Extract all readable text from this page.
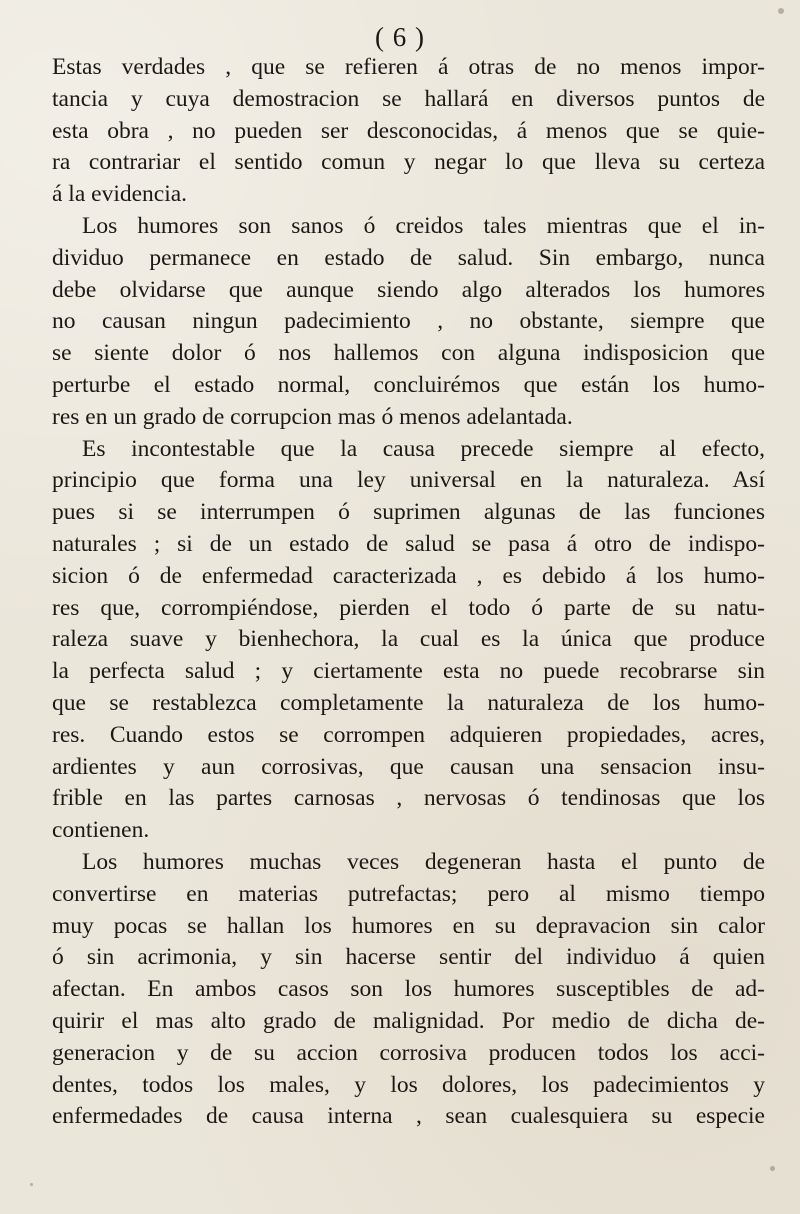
( 6 )
Estas verdades , que se refieren á otras de no menos impor-
tancia y cuya demostracion se hallará en diversos puntos de
esta obra , no pueden ser desconocidas, á menos que se quie-
ra contrariar el sentido comun y negar lo que lleva su certeza
á la evidencia.
Los humores son sanos ó creidos tales mientras que el in-
dividuo permanece en estado de salud. Sin embargo, nunca
debe olvidarse que aunque siendo algo alterados los humores
no causan ningun padecimiento , no obstante, siempre que
se siente dolor ó nos hallemos con alguna indisposicion que
perturbe el estado normal, concluirémos que están los humo-
res en un grado de corrupcion mas ó menos adelantada.
Es incontestable que la causa precede siempre al efecto,
principio que forma una ley universal en la naturaleza. Así
pues si se interrumpen ó suprimen algunas de las funciones
naturales ; si de un estado de salud se pasa á otro de indispo-
sicion ó de enfermedad caracterizada , es debido á los humo-
res que, corrompiéndose, pierden el todo ó parte de su natu-
raleza suave y bienhechora, la cual es la única que produce
la perfecta salud ; y ciertamente esta no puede recobrarse sin
que se restablezca completamente la naturaleza de los humo-
res. Cuando estos se corrompen adquieren propiedades, acres,
ardientes y aun corrosivas, que causan una sensacion insu-
frible en las partes carnosas , nervosas ó tendinosas que los
contienen.
Los humores muchas veces degeneran hasta el punto de
convertirse en materias putrefactas; pero al mismo tiempo
muy pocas se hallan los humores en su depravacion sin calor
ó sin acrimonia, y sin hacerse sentir del individuo á quien
afectan. En ambos casos son los humores susceptibles de ad-
quirir el mas alto grado de malignidad. Por medio de dicha de-
generacion y de su accion corrosiva producen todos los acci-
dentes, todos los males, y los dolores, los padecimientos y
enfermedades de causa interna , sean cualesquiera su especie
